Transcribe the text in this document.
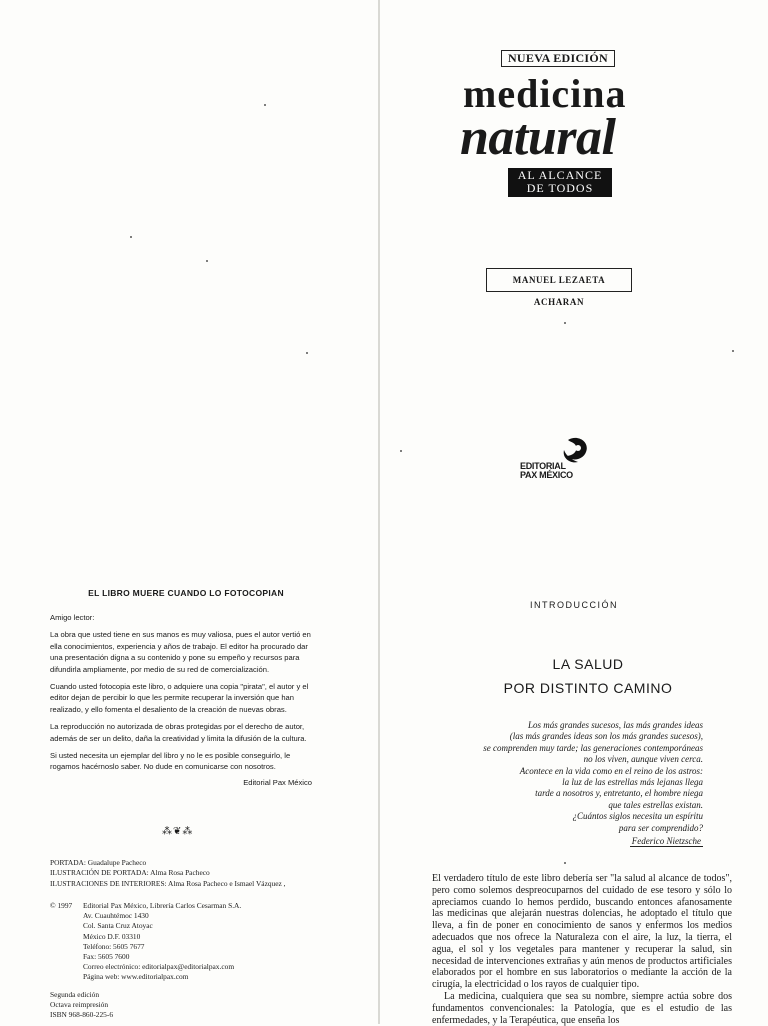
EL LIBRO MUERE CUANDO LO FOTOCOPIAN

Amigo lector:

La obra que usted tiene en sus manos es muy valiosa, pues el autor vertió en ella conocimientos, experiencia y años de trabajo. El editor ha procurado dar una presentación digna a su contenido y pone su empeño y recursos para difundirla ampliamente, por medio de su red de comercialización.

Cuando usted fotocopia este libro, o adquiere una copia "pirata", el autor y el editor dejan de percibir lo que les permite recuperar la inversión que han realizado, y ello fomenta el desaliento de la creación de nuevas obras.

La reproducción no autorizada de obras protegidas por el derecho de autor, además de ser un delito, daña la creatividad y limita la difusión de la cultura.

Si usted necesita un ejemplar del libro y no le es posible conseguirlo, le rogamos hacérnoslo saber. No dude en comunicarse con nosotros.

Editorial Pax México
⁂❦⁂
PORTADA: Guadalupe Pacheco
ILUSTRACIÓN DE PORTADA: Alma Rosa Pacheco
ILUSTRACIONES DE INTERIORES: Alma Rosa Pacheco e Ismael Vázquez ,
© 1997 Editorial Pax México, Librería Carlos Cesarman S.A.
Av. Cuauhtémoc 1430
Col. Santa Cruz Atoyac
México D.F. 03310
Teléfono: 5605 7677
Fax: 5605 7600
Correo electrónico: editorialpax@editorialpax.com
Página web: www.editorialpax.com
Segunda edición
Octava reimpresión
ISBN 968-860-225-6
NUEVA EDICIÓN
medicina
natural
AL ALCANCE
DE TODOS
MANUEL LEZAETA ACHARAN
EDITORIAL
PAX MÉXICO
INTRODUCCIÓN
LA SALUD
POR DISTINTO CAMINO
Los más grandes sucesos, las más grandes ideas
(las más grandes ideas son los más grandes sucesos),
se comprenden muy tarde; las generaciones contemporáneas
no los viven, aunque viven cerca.
Acontece en la vida como en el reino de los astros:
la luz de las estrellas más lejanas llega
tarde a nosotros y, entretanto, el hombre niega
que tales estrellas existan.
¿Cuántos siglos necesita un espíritu
para ser comprendido?
Federico Nietzsche

El verdadero título de este libro debería ser "la salud al alcance de todos", pero como solemos despreocuparnos del cuidado de ese tesoro y sólo lo apreciamos cuando lo hemos perdido, buscando entonces afanosamente las medicinas que alejarán nuestras dolencias, he adoptado el título que lleva, a fin de poner en conocimiento de sanos y enfermos los medios adecuados que nos ofrece la Naturaleza con el aire, la luz, la tierra, el agua, el sol y los vegetales para mantener y recuperar la salud, sin necesidad de intervenciones extrañas y aún menos de productos artificiales elaborados por el hombre en sus laboratorios o mediante la acción de la cirugía, la electricidad o los rayos de cualquier tipo.

La medicina, cualquiera que sea su nombre, siempre actúa sobre dos fundamentos convencionales: la Patología, que es el estudio de las enfermedades, y la Terapéutica, que enseña los
